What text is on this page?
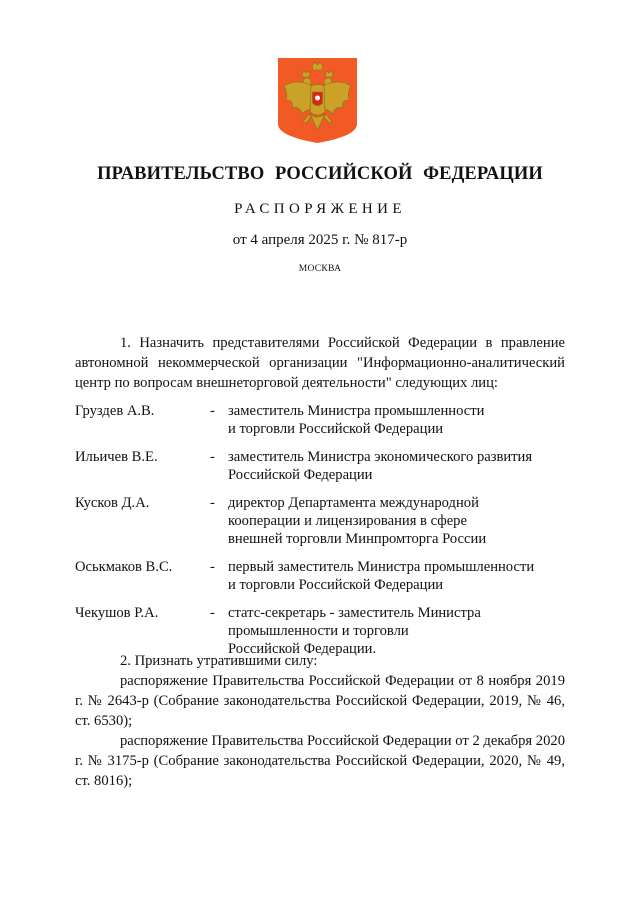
ПРАВИТЕЛЬСТВО РОССИЙСКОЙ ФЕДЕРАЦИИ
РАСПОРЯЖЕНИЕ
от 4 апреля 2025 г. № 817-р
МОСКВА

1. Назначить представителями Российской Федерации в правление автономной некоммерческой организации "Информационно-аналитический центр по вопросам внешнеторговой деятельности" следующих лиц:

Груздев А.В.	- заместитель Министра промышленности
и торговли Российской Федерации
Ильичев В.Е.	- заместитель Министра экономического развития
Российской Федерации
Кусков Д.А.	- директор Департамента международной
кооперации и лицензирования в сфере
внешней торговли Минпромторга России
Оськмаков В.С.	- первый заместитель Министра промышленности
и торговли Российской Федерации
Чекушов Р.А.	- статс-секретарь - заместитель Министра
промышленности и торговли
Российской Федерации.

2. Признать утратившими силу:

распоряжение Правительства Российской Федерации от 8 ноября 2019 г. № 2643-р (Собрание законодательства Российской Федерации, 2019, № 46, ст. 6530);

распоряжение Правительства Российской Федерации от 2 декабря 2020 г. № 3175-р (Собрание законодательства Российской Федерации, 2020, № 49, ст. 8016);
